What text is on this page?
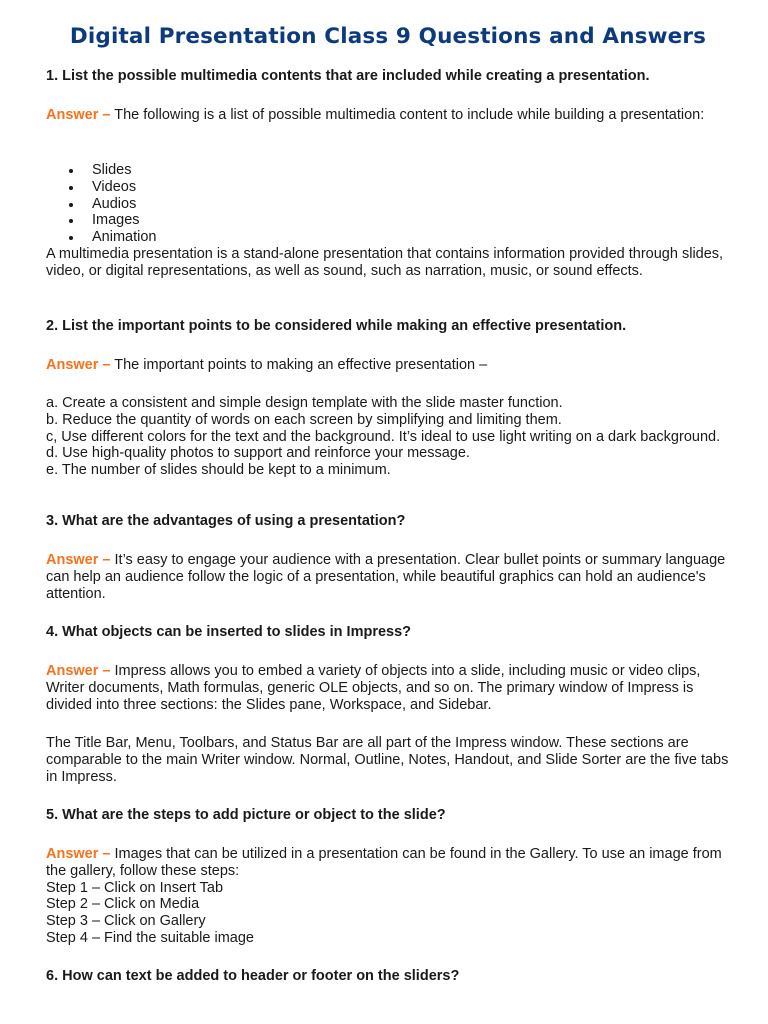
Digital Presentation Class 9 Questions and Answers

1. List the possible multimedia contents that are included while creating a presentation.

Answer – The following is a list of possible multimedia content to include while building a presentation:

Slides
Videos
Audios
Images
Animation

A multimedia presentation is a stand-alone presentation that contains information provided through slides, video, or digital representations, as well as sound, such as narration, music, or sound effects.

2. List the important points to be considered while making an effective presentation.

Answer – The important points to making an effective presentation –

a. Create a consistent and simple design template with the slide master function.

b. Reduce the quantity of words on each screen by simplifying and limiting them.

c, Use different colors for the text and the background. It’s ideal to use light writing on a dark background.

d. Use high-quality photos to support and reinforce your message.

e. The number of slides should be kept to a minimum.

3. What are the advantages of using a presentation?

Answer – It’s easy to engage your audience with a presentation. Clear bullet points or summary language can help an audience follow the logic of a presentation, while beautiful graphics can hold an audience's attention.

4. What objects can be inserted to slides in Impress?

Answer – Impress allows you to embed a variety of objects into a slide, including music or video clips, Writer documents, Math formulas, generic OLE objects, and so on. The primary window of Impress is divided into three sections: the Slides pane, Workspace, and Sidebar.

The Title Bar, Menu, Toolbars, and Status Bar are all part of the Impress window. These sections are comparable to the main Writer window. Normal, Outline, Notes, Handout, and Slide Sorter are the five tabs in Impress.

5. What are the steps to add picture or object to the slide?

Answer – Images that can be utilized in a presentation can be found in the Gallery. To use an image from the gallery, follow these steps:

Step 1 – Click on Insert Tab

Step 2 – Click on Media

Step 3 – Click on Gallery

Step 4 – Find the suitable image

6. How can text be added to header or footer on the sliders?
